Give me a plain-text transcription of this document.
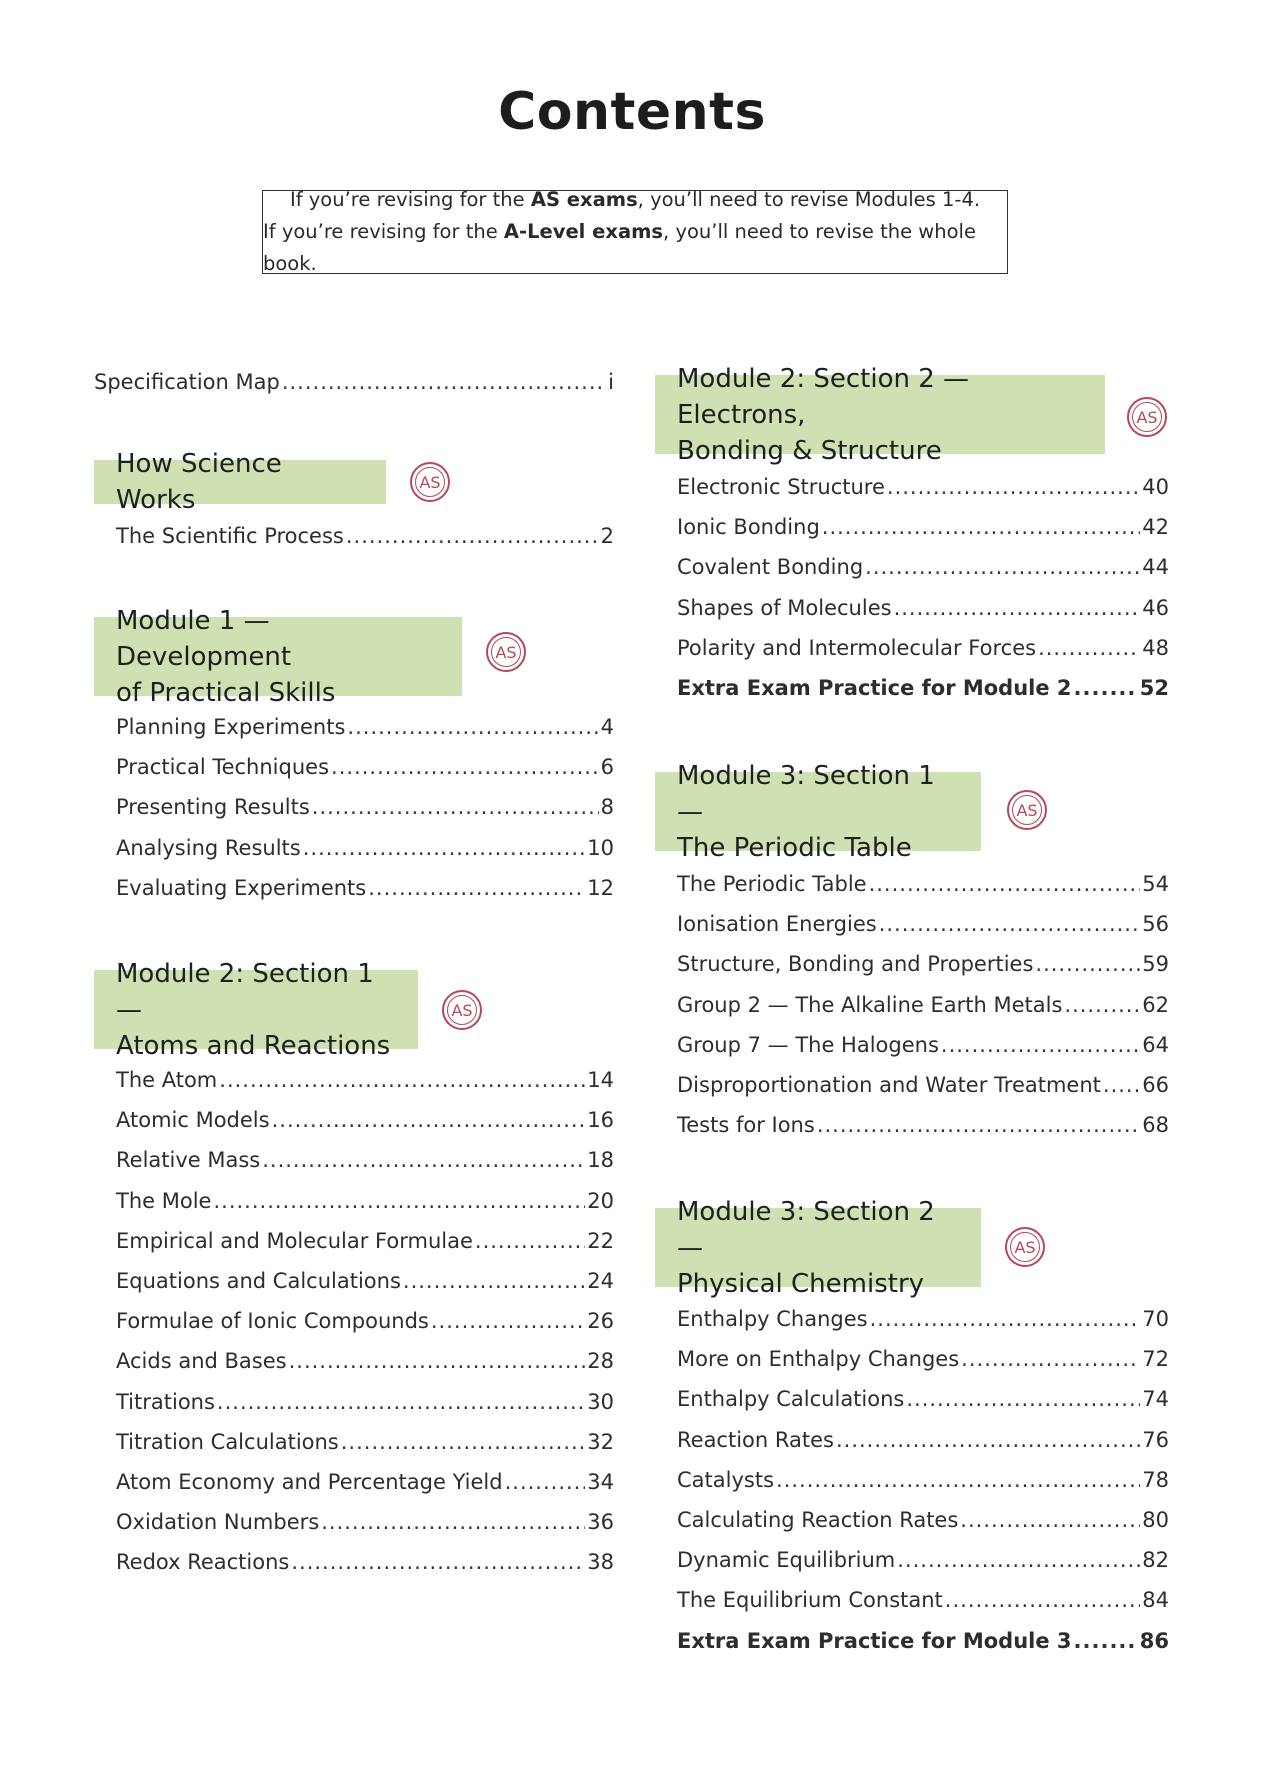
Contents
If you’re revising for the AS exams, you’ll need to revise Modules 1-4.
If you’re revising for the A-Level exams, you’ll need to revise the whole book.
Specification Map .....	i
How Science Works
AS
The Scientific Process .....	2
Module 1 — Development
of Practical Skills
AS
Planning Experiments .....	4
Practical Techniques .....	6
Presenting Results .....	8
Analysing Results .....	10
Evaluating Experiments .....	12
Module 2: Section 1 —
Atoms and Reactions
AS
The Atom .....	14
Atomic Models .....	16
Relative Mass .....	18
The Mole .....	20
Empirical and Molecular Formulae .....	22
Equations and Calculations .....	24
Formulae of Ionic Compounds .....	26
Acids and Bases .....	28
Titrations .....	30
Titration Calculations .....	32
Atom Economy and Percentage Yield .....	34
Oxidation Numbers .....	36
Redox Reactions .....	38
Module 2: Section 2 — Electrons,
Bonding & Structure
AS
Electronic Structure .....	40
Ionic Bonding .....	42
Covalent Bonding .....	44
Shapes of Molecules .....	46
Polarity and Intermolecular Forces .....	48
Extra Exam Practice for Module 2 .....	52
Module 3: Section 1 —
The Periodic Table
AS
The Periodic Table .....	54
Ionisation Energies .....	56
Structure, Bonding and Properties .....	59
Group 2 — The Alkaline Earth Metals .....	62
Group 7 — The Halogens .....	64
Disproportionation and Water Treatment ..... 66
Tests for Ions .....	68
Module 3: Section 2 —
Physical Chemistry
AS
Enthalpy Changes .....	70
More on Enthalpy Changes .....	72
Enthalpy Calculations .....	74
Reaction Rates .....	76
Catalysts .....	78
Calculating Reaction Rates .....	80
Dynamic Equilibrium .....	82
The Equilibrium Constant .....	84
Extra Exam Practice for Module 3 .....	86
